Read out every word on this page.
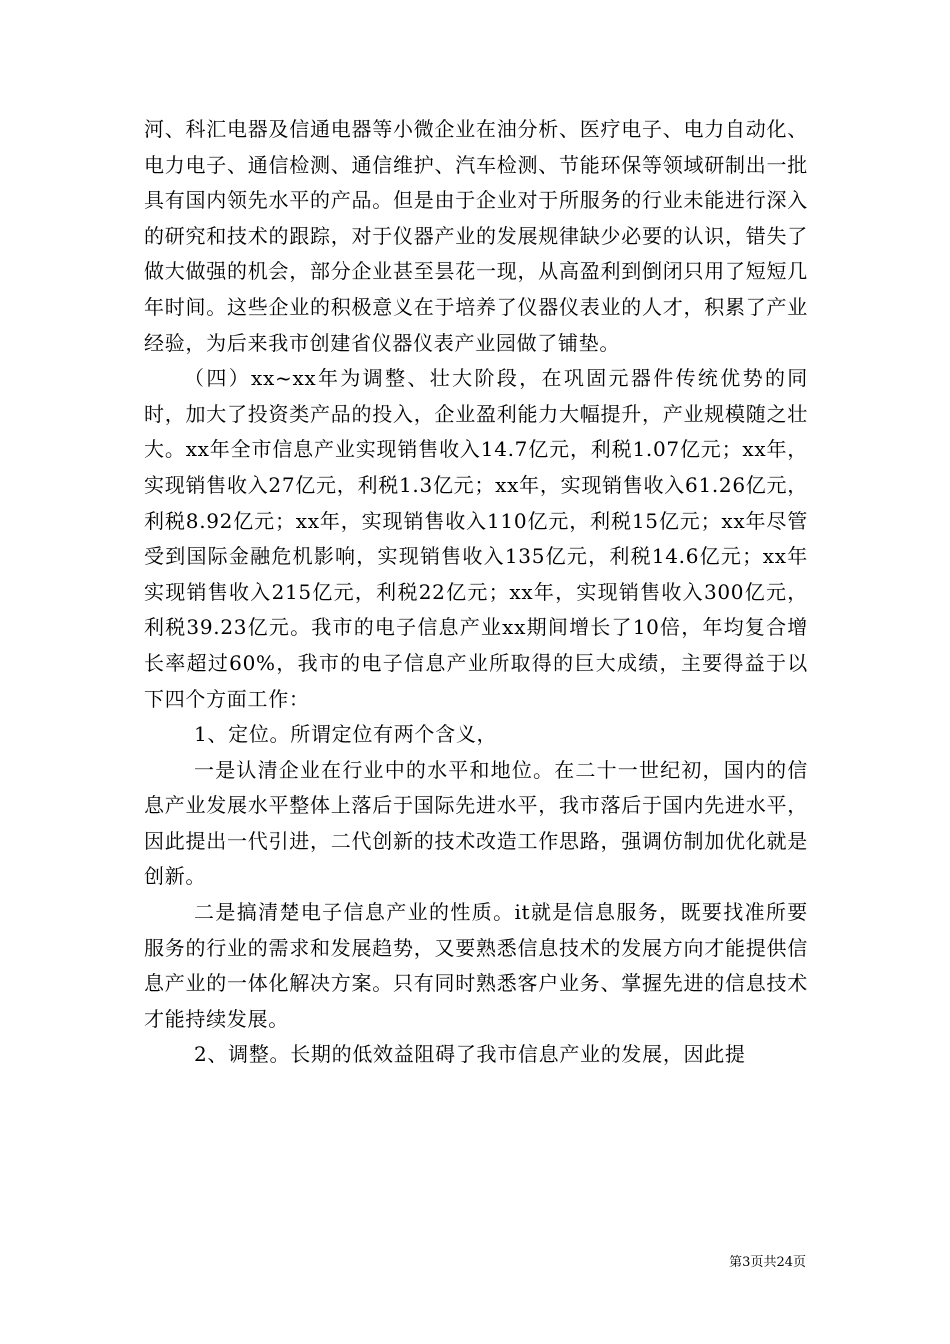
河、科汇电器及信通电器等小微企业在油分析、医疗电子、电力自动化、电力电子、通信检测、通信维护、汽车检测、节能环保等领域研制出一批具有国内领先水平的产品。但是由于企业对于所服务的行业未能进行深入的研究和技术的跟踪，对于仪器产业的发展规律缺少必要的认识，错失了做大做强的机会，部分企业甚至昙花一现，从高盈利到倒闭只用了短短几年时间。这些企业的积极意义在于培养了仪器仪表业的人才，积累了产业经验，为后来我市创建省仪器仪表产业园做了铺垫。

（四）xx~xx年为调整、壮大阶段，在巩固元器件传统优势的同时，加大了投资类产品的投入，企业盈利能力大幅提升，产业规模随之壮大。xx年全市信息产业实现销售收入14.7亿元，利税1.07亿元；xx年，实现销售收入27亿元，利税1.3亿元；xx年，实现销售收入61.26亿元，利税8.92亿元；xx年，实现销售收入110亿元，利税15亿元；xx年尽管受到国际金融危机影响，实现销售收入135亿元，利税14.6亿元；xx年实现销售收入215亿元，利税22亿元；xx年，实现销售收入300亿元，利税39.23亿元。我市的电子信息产业xx期间增长了10倍，年均复合增长率超过60%，我市的电子信息产业所取得的巨大成绩，主要得益于以下四个方面工作：

1、定位。所谓定位有两个含义，

一是认清企业在行业中的水平和地位。在二十一世纪初，国内的信息产业发展水平整体上落后于国际先进水平，我市落后于国内先进水平，因此提出一代引进，二代创新的技术改造工作思路，强调仿制加优化就是创新。

二是搞清楚电子信息产业的性质。it就是信息服务，既要找准所要服务的行业的需求和发展趋势，又要熟悉信息技术的发展方向才能提供信息产业的一体化解决方案。只有同时熟悉客户业务、掌握先进的信息技术才能持续发展。

2、调整。长期的低效益阻碍了我市信息产业的发展，因此提

第3页共24页
